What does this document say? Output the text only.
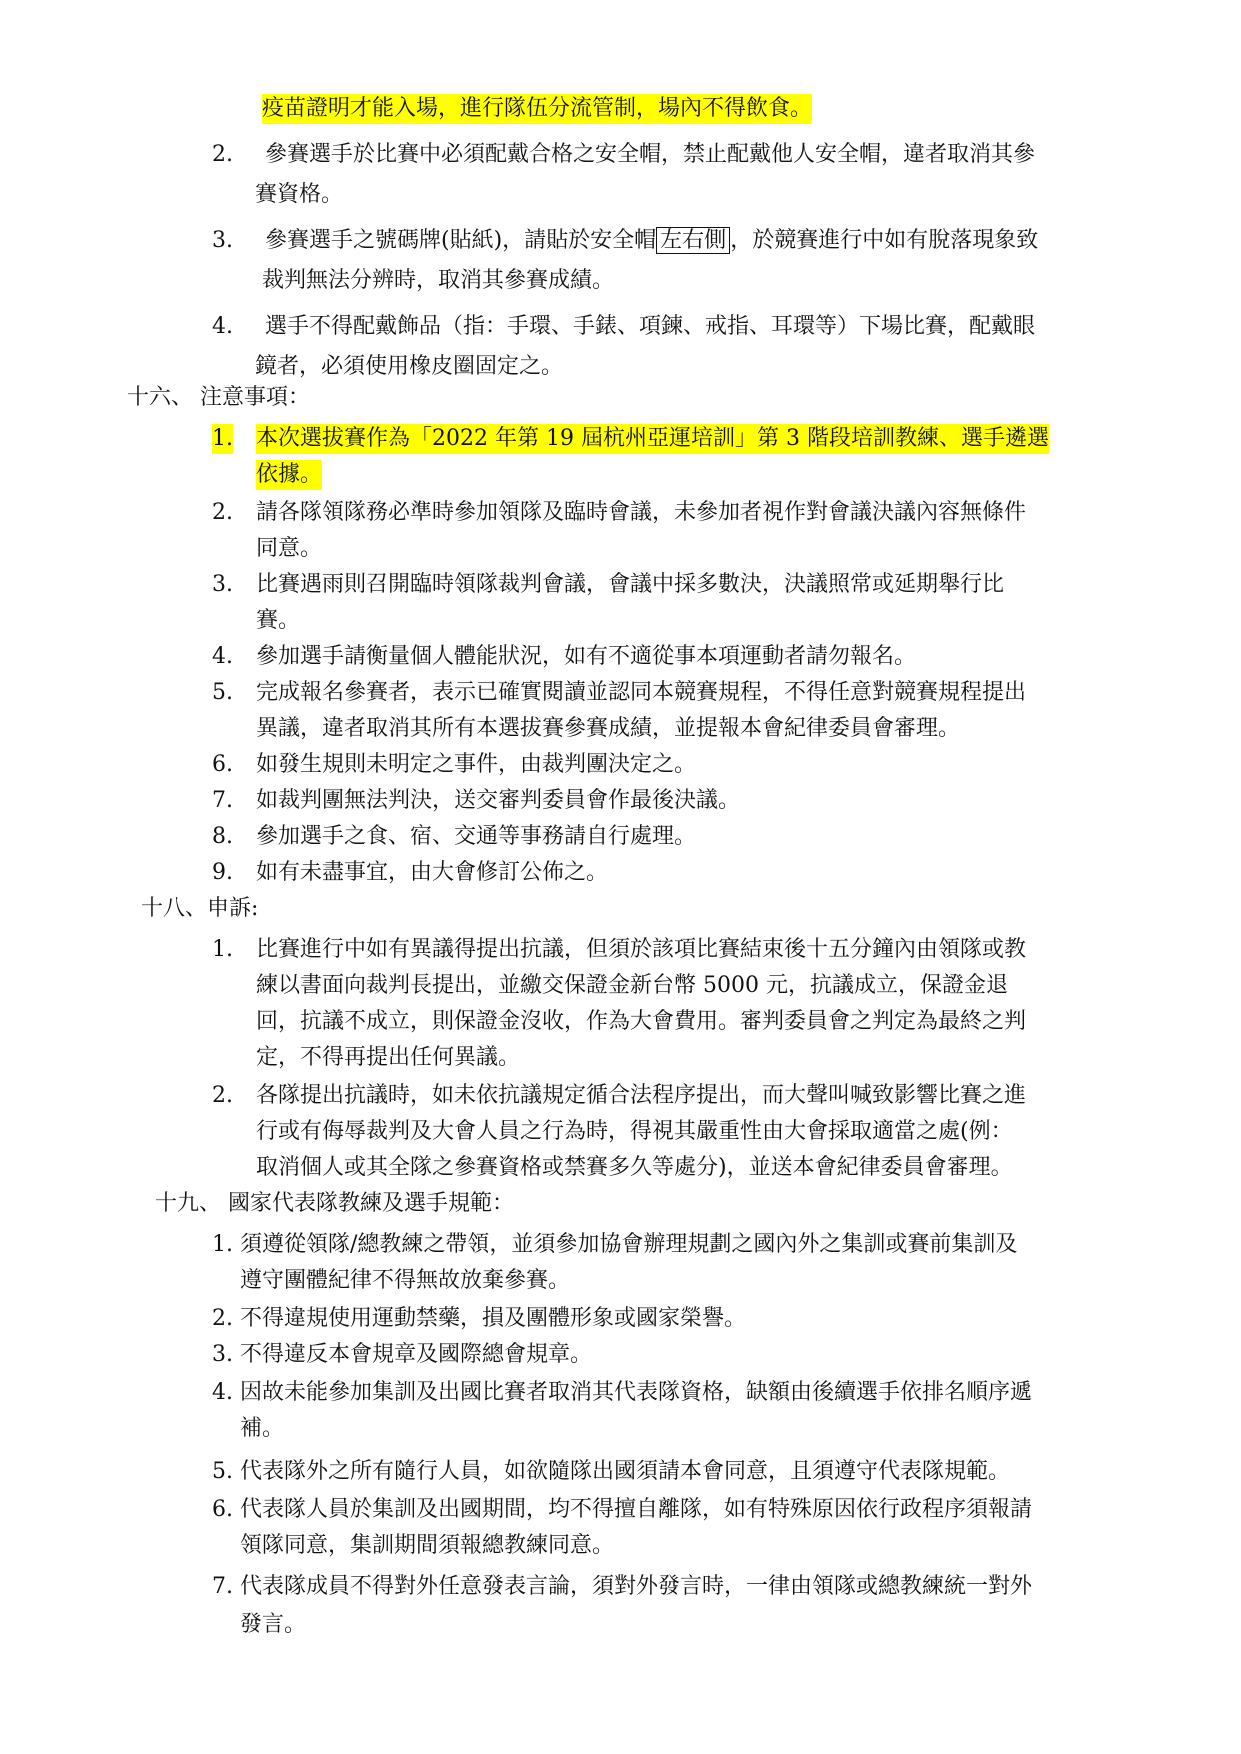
疫苗證明才能入場，進行隊伍分流管制，場內不得飲食。
2. 參賽選手於比賽中必須配戴合格之安全帽，禁止配戴他人安全帽，違者取消其參
賽資格。
3. 參賽選手之號碼牌(貼紙)，請貼於安全帽 左右側 ，於競賽進行中如有脫落現象致
裁判無法分辨時，取消其參賽成績。
4. 選手不得配戴飾品（指：手環、手錶、項鍊、戒指、耳環等）下場比賽，配戴眼
鏡者，必須使用橡皮圈固定之。
十六、 注意事項：
1. 本次選拔賽作為「2022 年第 19 屆杭州亞運培訓」第 3 階段培訓教練、選手遴選
依據。
2. 請各隊領隊務必準時參加領隊及臨時會議，未參加者視作對會議決議內容無條件
同意。
3. 比賽遇雨則召開臨時領隊裁判會議，會議中採多數決，決議照常或延期舉行比
賽。
4. 參加選手請衡量個人體能狀況，如有不適從事本項運動者請勿報名。
5. 完成報名參賽者，表示已確實閱讀並認同本競賽規程，不得任意對競賽規程提出
異議，違者取消其所有本選拔賽參賽成績，並提報本會紀律委員會審理。
6. 如發生規則未明定之事件，由裁判團決定之。
7. 如裁判團無法判決，送交審判委員會作最後決議。
8. 參加選手之食、宿、交通等事務請自行處理。
9. 如有未盡事宜，由大會修訂公佈之。
十八、申訴:
1. 比賽進行中如有異議得提出抗議，但須於該項比賽結束後十五分鐘內由領隊或教
練以書面向裁判長提出，並繳交保證金新台幣 5000 元，抗議成立，保證金退
回，抗議不成立，則保證金沒收，作為大會費用。審判委員會之判定為最終之判
定，不得再提出任何異議。
2. 各隊提出抗議時，如未依抗議規定循合法程序提出，而大聲叫喊致影響比賽之進
行或有侮辱裁判及大會人員之行為時，得視其嚴重性由大會採取適當之處(例：
取消個人或其全隊之參賽資格或禁賽多久等處分)，並送本會紀律委員會審理。
十九、 國家代表隊教練及選手規範：
1. 須遵從領隊/總教練之帶領，並須參加協會辦理規劃之國內外之集訓或賽前集訓及
遵守團體紀律不得無故放棄參賽。
2. 不得違規使用運動禁藥，損及團體形象或國家榮譽。
3. 不得違反本會規章及國際總會規章。
4. 因故未能參加集訓及出國比賽者取消其代表隊資格，缺額由後續選手依排名順序遞
補。
5. 代表隊外之所有隨行人員，如欲隨隊出國須請本會同意，且須遵守代表隊規範。
6. 代表隊人員於集訓及出國期間，均不得擅自離隊，如有特殊原因依行政程序須報請
領隊同意，集訓期間須報總教練同意。
7. 代表隊成員不得對外任意發表言論，須對外發言時，一律由領隊或總教練統一對外
發言。
